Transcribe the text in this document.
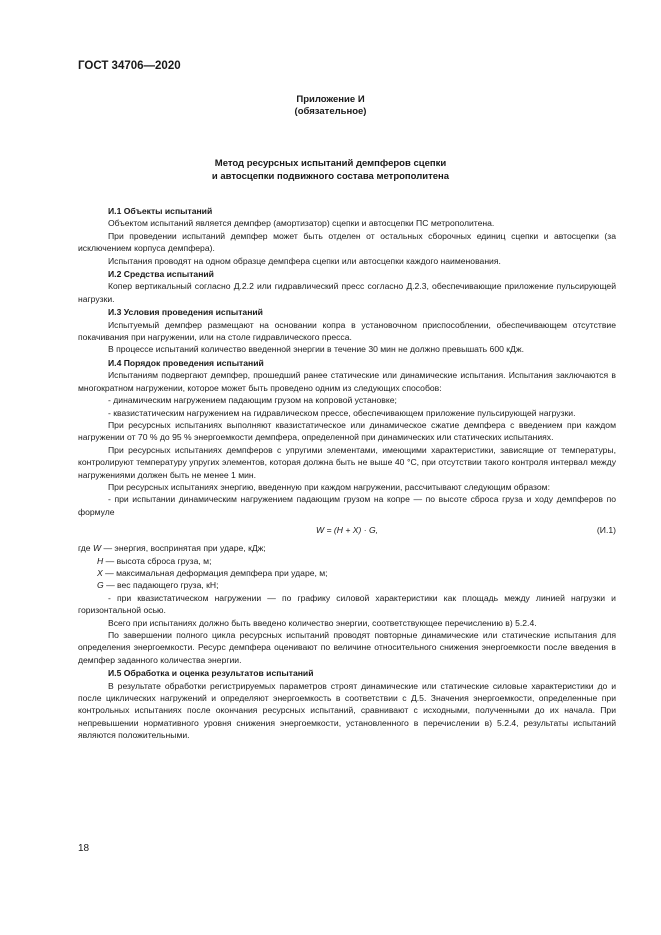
ГОСТ 34706—2020
Приложение И
(обязательное)
Метод ресурсных испытаний демпферов сцепки
и автосцепки подвижного состава метрополитена
И.1 Объекты испытаний
Объектом испытаний является демпфер (амортизатор) сцепки и автосцепки ПС метрополитена.
При проведении испытаний демпфер может быть отделен от остальных сборочных единиц сцепки и автосцепки (за исключением корпуса демпфера).
Испытания проводят на одном образце демпфера сцепки или автосцепки каждого наименования.
И.2 Средства испытаний
Копер вертикальный согласно Д.2.2 или гидравлический пресс согласно Д.2.3, обеспечивающие приложение пульсирующей нагрузки.
И.3 Условия проведения испытаний
Испытуемый демпфер размещают на основании копра в установочном приспособлении, обеспечивающем отсутствие покачивания при нагружении, или на столе гидравлического пресса.
В процессе испытаний количество введенной энергии в течение 30 мин не должно превышать 600 кДж.
И.4 Порядок проведения испытаний
Испытаниям подвергают демпфер, прошедший ранее статические или динамические испытания. Испытания заключаются в многократном нагружении, которое может быть проведено одним из следующих способов:
- динамическим нагружением падающим грузом на копровой установке;
- квазистатическим нагружением на гидравлическом прессе, обеспечивающем приложение пульсирующей нагрузки.
При ресурсных испытаниях выполняют квазистатическое или динамическое сжатие демпфера с введением при каждом нагружении от 70 % до 95 % энергоемкости демпфера, определенной при динамических или статических испытаниях.
При ресурсных испытаниях демпферов с упругими элементами, имеющими характеристики, зависящие от температуры, контролируют температуру упругих элементов, которая должна быть не выше 40 °С, при отсутствии такого контроля интервал между нагружениями должен быть не менее 1 мин.
При ресурсных испытаниях энергию, введенную при каждом нагружении, рассчитывают следующим образом:
- при испытании динамическим нагружением падающим грузом на копре — по высоте сброса груза и ходу демпферов по формуле
W = (H + X) · G,	(И.1)
где W — энергия, воспринятая при ударе, кДж;
H — высота сброса груза, м;
X — максимальная деформация демпфера при ударе, м;
G — вес падающего груза, кН;
- при квазистатическом нагружении — по графику силовой характеристики как площадь между линией нагрузки и горизонтальной осью.
Всего при испытаниях должно быть введено количество энергии, соответствующее перечислению в) 5.2.4.
По завершении полного цикла ресурсных испытаний проводят повторные динамические или статические испытания для определения энергоемкости. Ресурс демпфера оценивают по величине относительного снижения энергоемкости после введения в демпфер заданного количества энергии.
И.5 Обработка и оценка результатов испытаний
В результате обработки регистрируемых параметров строят динамические или статические силовые характеристики до и после циклических нагружений и определяют энергоемкость в соответствии с Д.5. Значения энергоемкости, определенные при контрольных испытаниях после окончания ресурсных испытаний, сравнивают с исходными, полученными до их начала. При непревышении нормативного уровня снижения энергоемкости, установленного в перечислении в) 5.2.4, результаты испытаний являются положительными.
18
